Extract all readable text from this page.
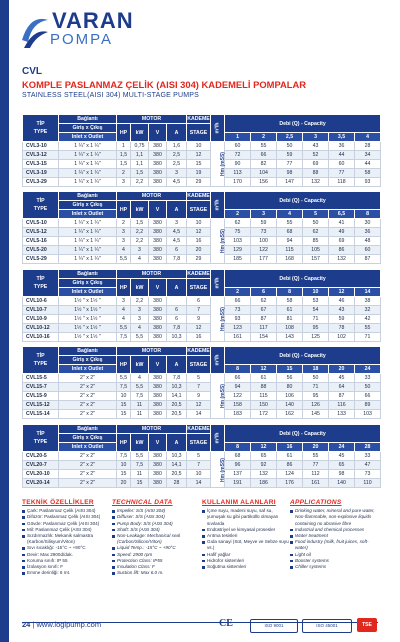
VARAN
POMPA
CVL
KOMPLE PASLANMAZ ÇELİK (AISI 304) KADEMELİ POMPALAR
STAINLESS STEEL(AISI 304) MULTI-STAGE PUMPS
TİP
TYPE	Bağlantı	MOTOR				KADEME	m³/h	Debi (Q) - Capacity					
	Giriş x Çıkış	HP	kW	V	A	STAGE							
	Inlet x Outlet							1	2	2,5	3	3,5	4
CVL3-10	1 ¼" x 1 ¼"	1	0,75	380	1,6	10	Hm (mSS)	60	55	50	43	36	28
CVL3-12	1 ¼" x 1 ¼"	1,5	1,1	380	2,5	12		72	66	59	52	44	34
CVL3-15	1 ¼" x 1 ¼"	1,5	1,1	380	2,5	15		90	82	77	69	60	44
CVL3-19	1 ¼" x 1 ¼"	2	1,5	380	3	19		113	104	98	88	77	58
CVL3-29	1 ¼" x 1 ¼"	3	2,2	380	4,5	29		170	156	147	132	118	93
TİP
TYPE	Bağlantı	MOTOR				KADEME	m³/h	Debi (Q) - Capacity					
	Giriş x Çıkış	HP	kW	V	A	STAGE							
	Inlet x Outlet							2	3	4	5	6,5	8
CVL5-10	1 ¼" x 1 ¼"	2	1,5	380	3	10	Hm (mSS)	62	59	55	50	41	30
CVL5-12	1 ¼" x 1 ¼"	3	2,2	380	4,5	12		75	73	68	62	49	36
CVL5-16	1 ¼" x 1 ¼"	3	2,2	380	4,5	16		103	100	94	85	69	48
CVL5-20	1 ¼" x 1 ¼"	4	3	380	6	20		129	122	115	105	86	60
CVL5-29	1 ¼" x 1 ¼"	5,5	4	380	7,8	29		185	177	168	157	132	87
TİP
TYPE	Bağlantı	MOTOR				KADEME	m³/h	Debi (Q) - Capacity					
	Giriş x Çıkış	HP	kW	V	A	STAGE							
	Inlet x Outlet							2	6	8	10	12	14
CVL10-6	1½ " x 1½ "	3	2,2	380		6	Hm (mSS)	66	62	58	53	46	38
CVL10-7	1½ " x 1½ "	4	3	380	6	7		73	67	61	54	43	32
CVL10-9	1½ " x 1½ "	4	3	380	6	9		93	87	81	71	59	42
CVL10-12	1½ " x 1½ "	5,5	4	380	7,8	12		123	117	108	95	78	55
CVL10-16	1½ " x 1½ "	7,5	5,5	380	10,3	16		161	154	143	125	102	71
TİP
TYPE	Bağlantı	MOTOR				KADEME	m³/h	Debi (Q) - Capacity					
	Giriş x Çıkış	HP	kW	V	A	STAGE							
	Inlet x Outlet							8	12	15	18	20	24
CVL15-5	2" x 2"	5,5	4	380	7,8	5	Hm (mSS)	66	61	56	50	45	33
CVL15-7	2" x 2"	7,5	5,5	380	10,3	7		94	88	80	71	64	50
CVL15-9	2" x 2"	10	7,5	380	14,1	9		122	115	106	95	87	66
CVL15-12	2" x 2"	15	11	380	20,5	12		158	150	140	126	116	89
CVL15-14	2" x 2"	15	11	380	20,5	14		183	172	162	145	133	103
TİP
TYPE	Bağlantı	MOTOR				KADEME	m³/h	Debi (Q) - Capacity					
	Giriş x Çıkış	HP	kW	V	A	STAGE							
	Inlet x Outlet							8	12	16	20	24	28
CVL20-5	2" x 2"	7,5	5,5	380	10,3	5	Hm (mSS)	68	65	61	55	45	33
CVL20-7	2" x 2"	10	7,5	380	14,1	7		96	92	86	77	65	47
CVL20-10	2" x 2"	15	11	380	20,5	10		137	132	124	112	98	73
CVL20-14	2" x 2"	20	15	380	28	14		191	186	176	161	140	110
TEKNİK ÖZELLİKLER
Çark: Paslanmaz Çelik (AISI 304)
Difüzör: Paslanmaz Çelik (AISI 304)
Gövde: Paslanmaz Çelik (AISI 304)
Mil: Paslanmaz Çelik (AISI 304)
Sızdırmazlık: Mekanik salmastra (Karbon/Silisyum/Viton)
Sıvı sıcaklığı: -15°C ~ +90°C
Devir: Max 2900d/dak.
Koruma sınıfı: IP 55
İzolasyon sınıfı: F
Emme derinliği: 6 mt.
TECHNICAL DATA
Impeller: S/S (AISI 304)
Diffuser: S/S (AISI 304)
Pump Body: S/S (AISI 304)
Shaft: S/S (AISI 304)
Non-Leakage: Mechanical seal (Carbon/Silicon/Viton)
Liquid Temp.: -15°C ~ +90°C
Speed: 2900 rpm
Protection Class: IP55
Insulation Class: F
Suction lift: Max 6.0 m.
KULLANIM ALANLARI
İçme suyu, madeni suyu, saf su, yumuşak su gibi partiküllü olmayan sıvılarda
Endüstriyel ve kimyasal prosesler
Arıtma tesisleri
Gıda sanayi (Süt, Meyve ve Sebze suyu vs.)
Hafif yağlar
Hidrofor sistemleri
Soğutma sistemleri
APPLICATIONS
Drinking water, mineral and pure water, Non-flammable, non-explosive liquids containing no abrasive fibre
Industrial and chemical processes
Water treatment
Food industry (milk, fruit juices, soft-water)
Light oil
Booster systems
Chiller systems
24 | www.logipump.com	CE	ISO 9001	ISO 45001	TSE
